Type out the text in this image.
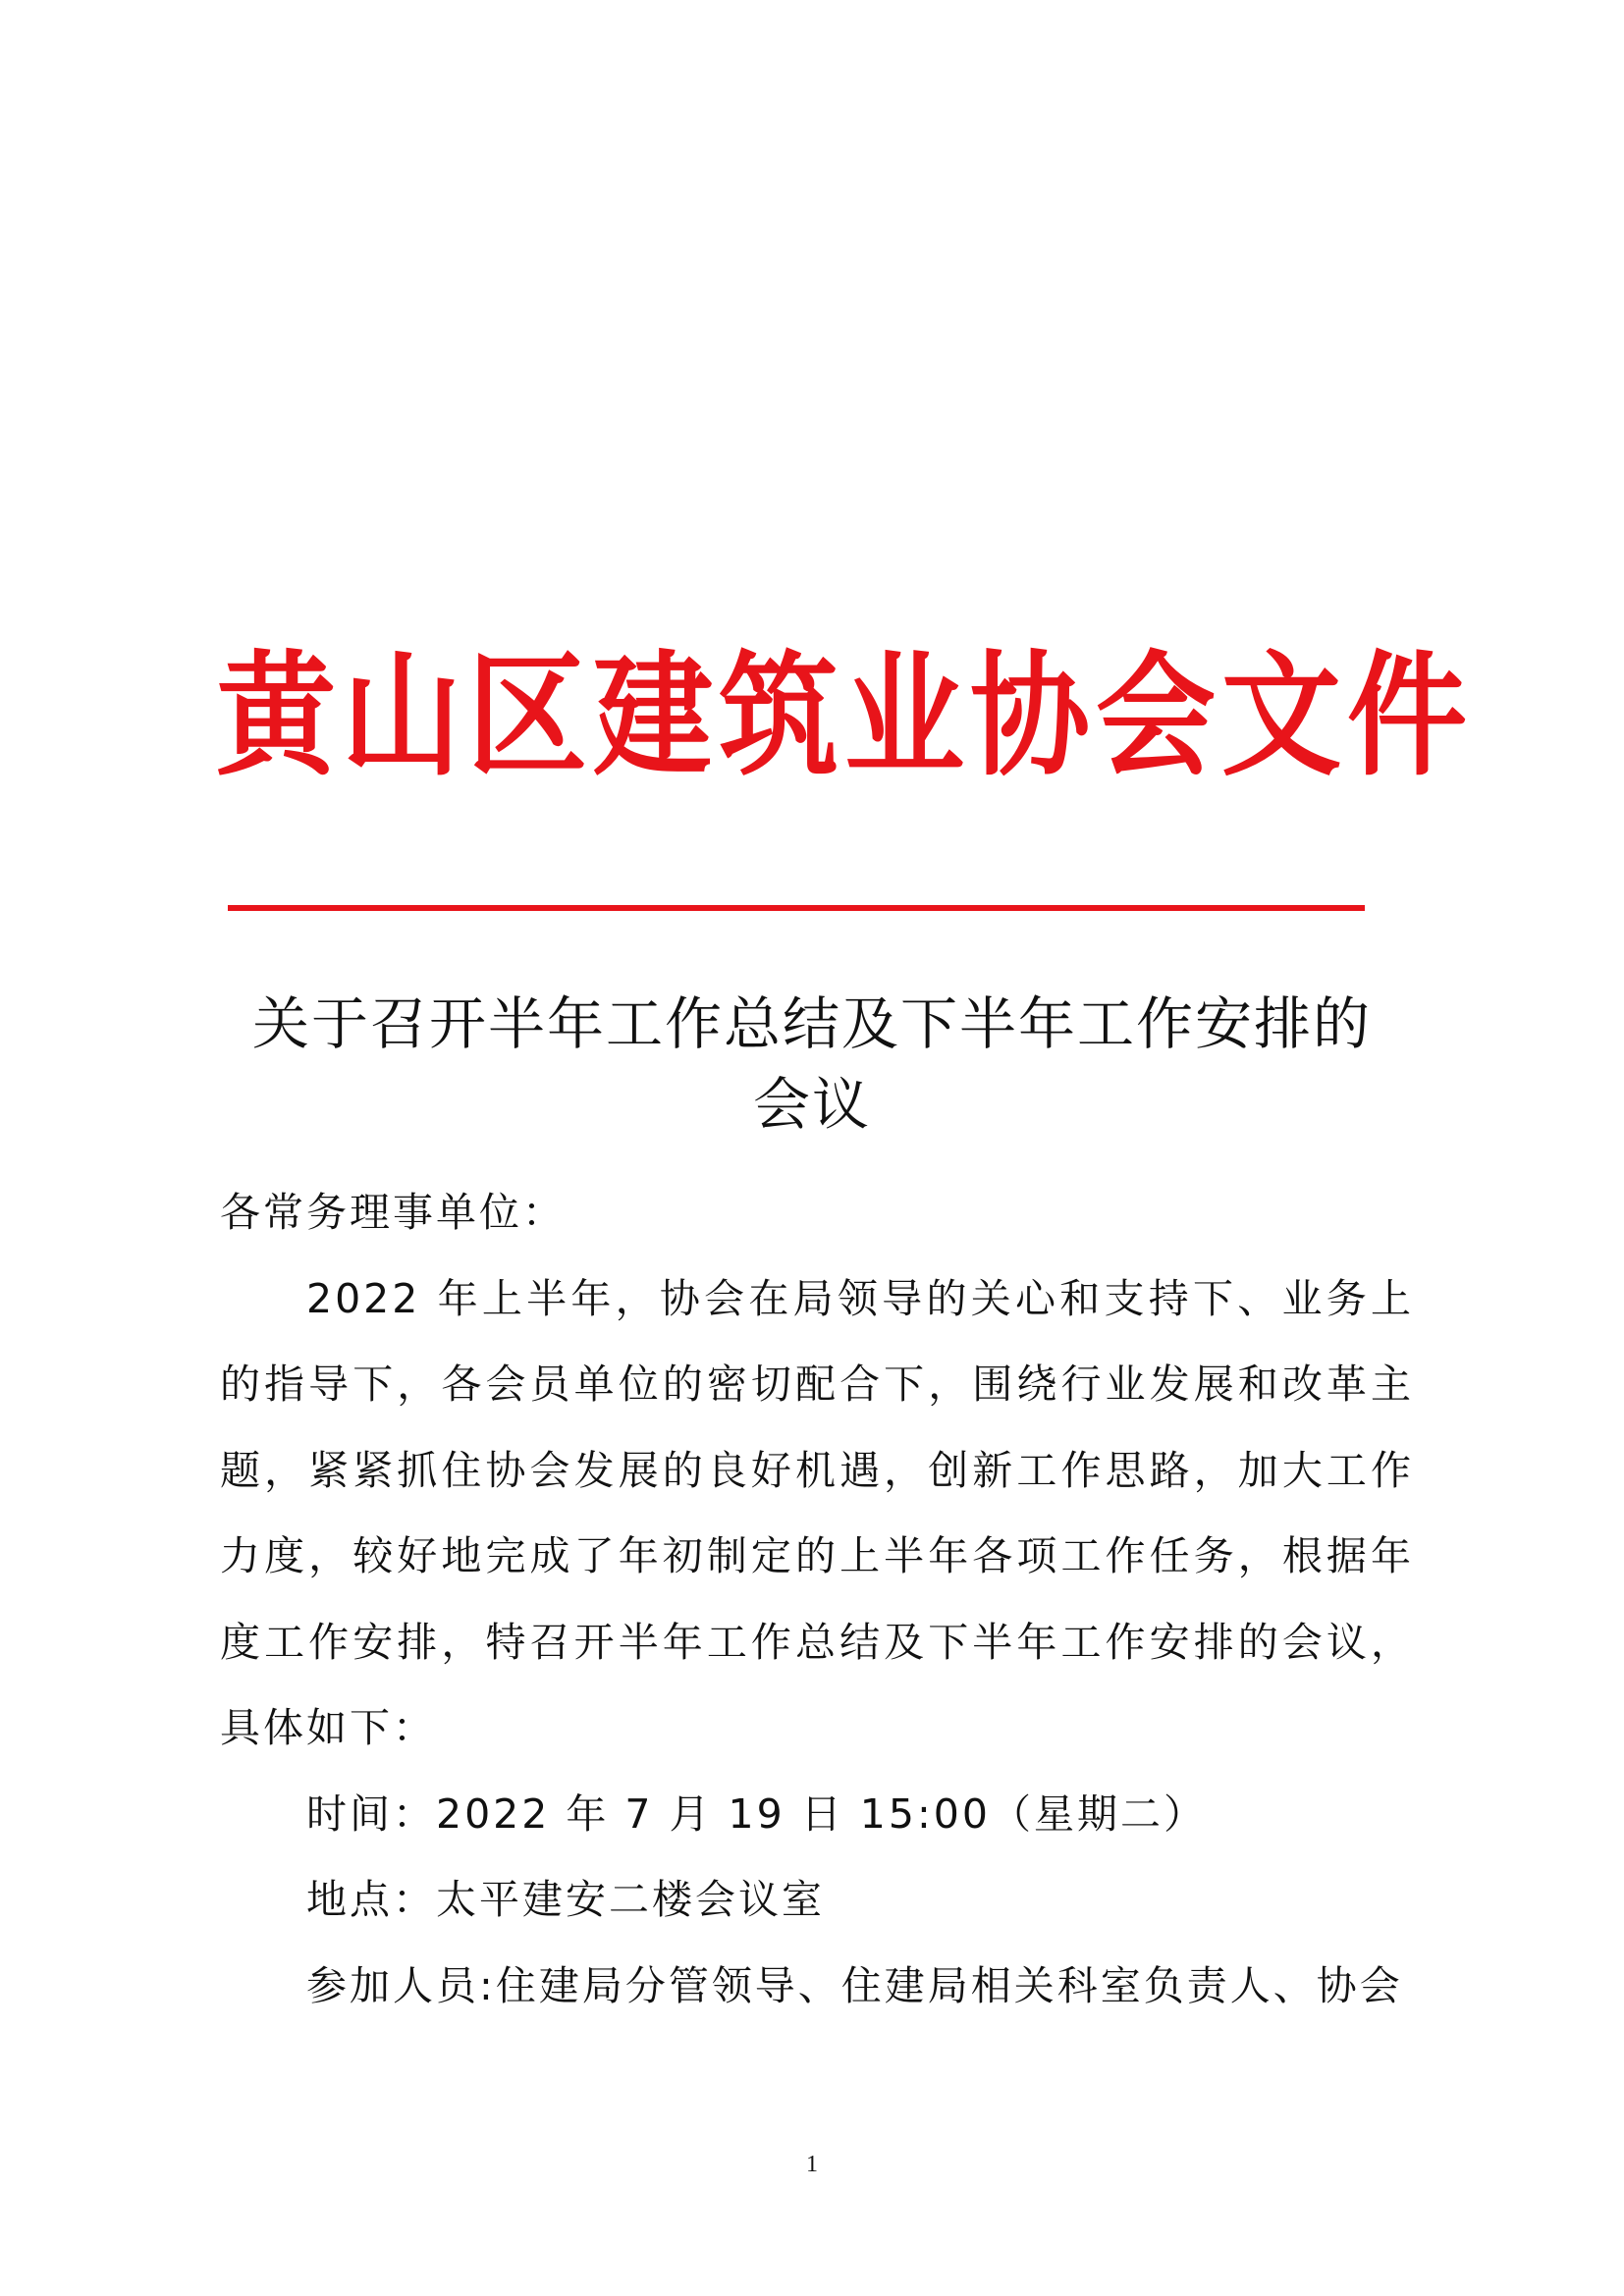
黄山区建筑业协会文件
关于召开半年工作总结及下半年工作安排的
会议
各常务理事单位：
2022 年上半年，协会在局领导的关心和支持下、业务上的指导下，各会员单位的密切配合下，围绕行业发展和改革主题，紧紧抓住协会发展的良好机遇，创新工作思路，加大工作力度，较好地完成了年初制定的上半年各项工作任务，根据年度工作安排，特召开半年工作总结及下半年工作安排的会议，具体如下：
时间：2022 年 7 月 19 日 15:00（星期二）
地点：太平建安二楼会议室
参加人员:住建局分管领导、住建局相关科室负责人、协会
1
